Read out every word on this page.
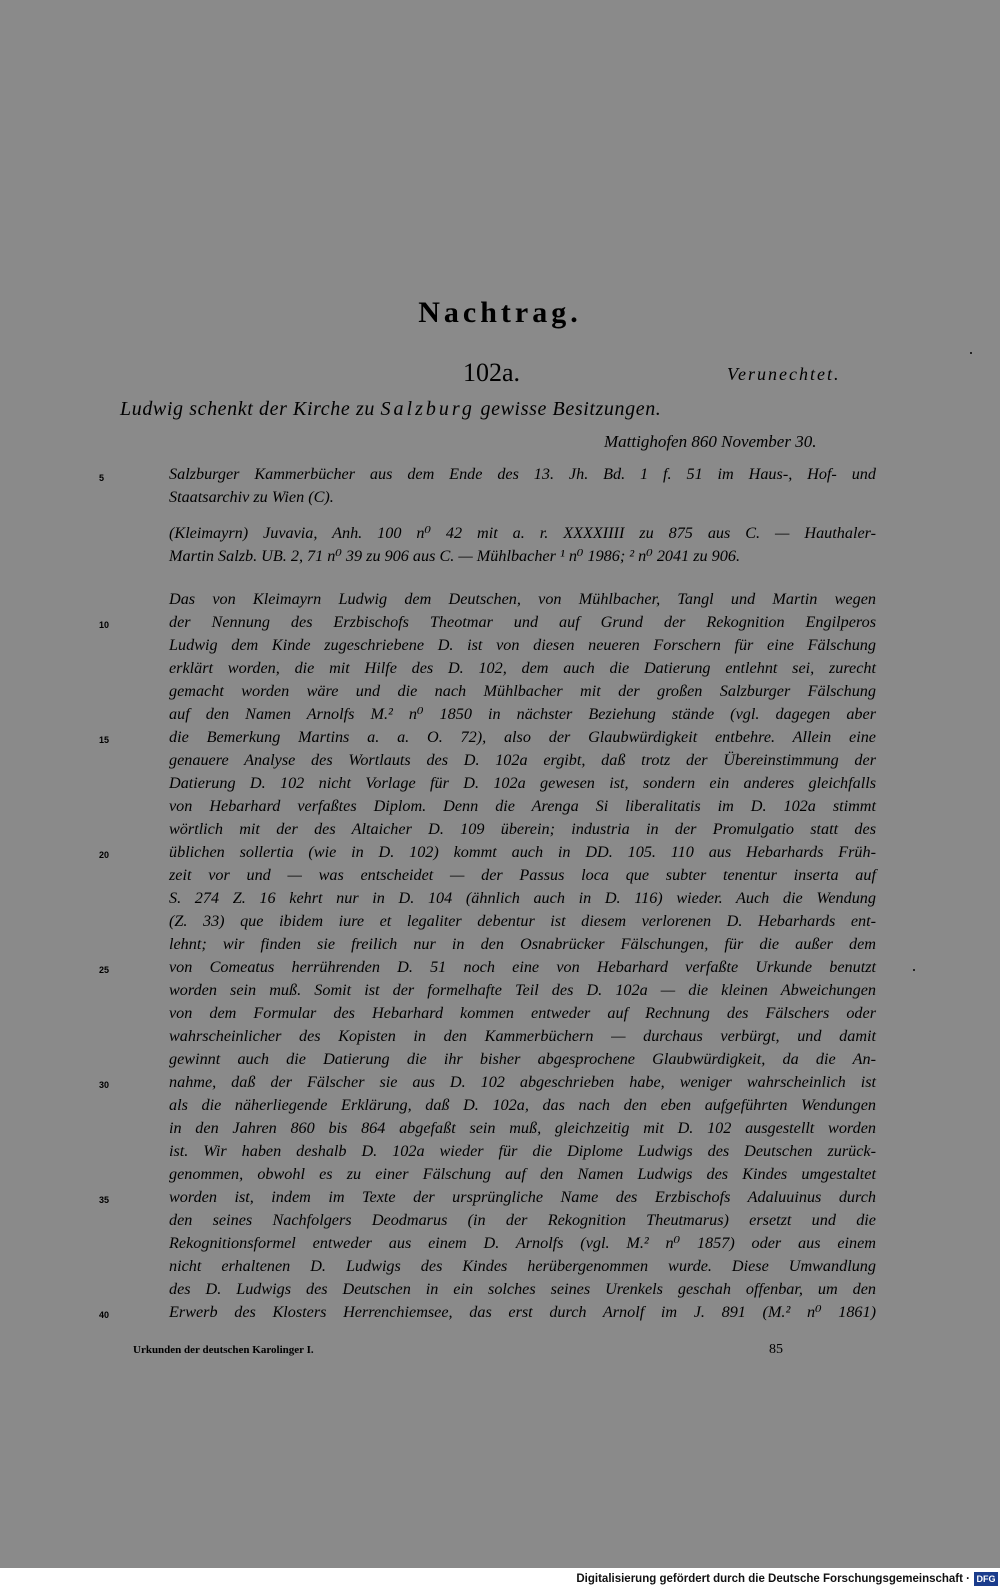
Nachtrag.
102a.	Verunechtet.
Ludwig schenkt der Kirche zu Salzburg gewisse Besitzungen.
Mattighofen 860 November 30.
Salzburger Kammerbücher aus dem Ende des 13. Jh. Bd. 1 f. 51 im Haus-, Hof- und
Staatsarchiv zu Wien (C).
(Kleimayrn) Juvavia, Anh. 100 n⁰ 42 mit a. r. XXXXIIII zu 875 aus C. — Hauthaler-
Martin Salzb. UB. 2, 71 n⁰ 39 zu 906 aus C. — Mühlbacher ¹ n⁰ 1986; ² n⁰ 2041 zu 906.
Das von Kleimayrn Ludwig dem Deutschen, von Mühlbacher, Tangl und Martin wegen
der Nennung des Erzbischofs Theotmar und auf Grund der Rekognition Engilperos
Ludwig dem Kinde zugeschriebene D. ist von diesen neueren Forschern für eine Fälschung
erklärt worden, die mit Hilfe des D. 102, dem auch die Datierung entlehnt sei, zurecht
gemacht worden wäre und die nach Mühlbacher mit der großen Salzburger Fälschung
auf den Namen Arnolfs M.² n⁰ 1850 in nächster Beziehung stände (vgl. dagegen aber
die Bemerkung Martins a. a. O. 72), also der Glaubwürdigkeit entbehre. Allein eine
genauere Analyse des Wortlauts des D. 102a ergibt, daß trotz der Übereinstimmung der
Datierung D. 102 nicht Vorlage für D. 102a gewesen ist, sondern ein anderes gleichfalls
von Hebarhard verfaßtes Diplom. Denn die Arenga Si liberalitatis im D. 102a stimmt
wörtlich mit der des Altaicher D. 109 überein; industria in der Promulgatio statt des
üblichen sollertia (wie in D. 102) kommt auch in DD. 105. 110 aus Hebarhards Früh-
zeit vor und — was entscheidet — der Passus loca que subter tenentur inserta auf
S. 274 Z. 16 kehrt nur in D. 104 (ähnlich auch in D. 116) wieder. Auch die Wendung
(Z. 33) que ibidem iure et legaliter debentur ist diesem verlorenen D. Hebarhards ent-
lehnt; wir finden sie freilich nur in den Osnabrücker Fälschungen, für die außer dem
von Comeatus herrührenden D. 51 noch eine von Hebarhard verfaßte Urkunde benutzt
worden sein muß. Somit ist der formelhafte Teil des D. 102a — die kleinen Abweichungen
von dem Formular des Hebarhard kommen entweder auf Rechnung des Fälschers oder
wahrscheinlicher des Kopisten in den Kammerbüchern — durchaus verbürgt, und damit
gewinnt auch die Datierung die ihr bisher abgesprochene Glaubwürdigkeit, da die An-
nahme, daß der Fälscher sie aus D. 102 abgeschrieben habe, weniger wahrscheinlich ist
als die näherliegende Erklärung, daß D. 102a, das nach den eben aufgeführten Wendungen
in den Jahren 860 bis 864 abgefaßt sein muß, gleichzeitig mit D. 102 ausgestellt worden
ist. Wir haben deshalb D. 102a wieder für die Diplome Ludwigs des Deutschen zurück-
genommen, obwohl es zu einer Fälschung auf den Namen Ludwigs des Kindes umgestaltet
worden ist, indem im Texte der ursprüngliche Name des Erzbischofs Adaluuinus durch
den seines Nachfolgers Deodmarus (in der Rekognition Theutmarus) ersetzt und die
Rekognitionsformel entweder aus einem D. Arnolfs (vgl. M.² n⁰ 1857) oder aus einem
nicht erhaltenen D. Ludwigs des Kindes herübergenommen wurde. Diese Umwandlung
des D. Ludwigs des Deutschen in ein solches seines Urenkels geschah offenbar, um den
Erwerb des Klosters Herrenchiemsee, das erst durch Arnolf im J. 891 (M.² n⁰ 1861)
5
10
15
20
25
30
35
40
Urkunden der deutschen Karolinger I.	85
Digitalisierung gefördert durch die Deutsche Forschungsgemeinschaft · DFG
